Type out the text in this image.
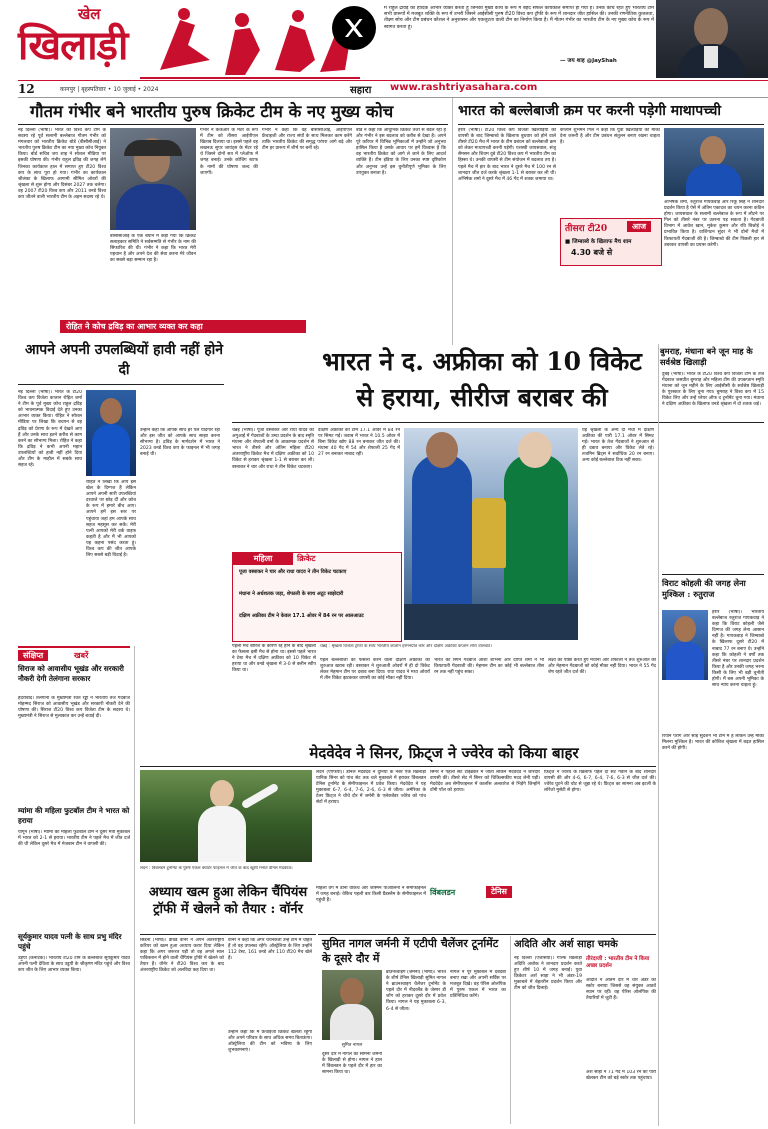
खेल
खिलाड़ी
मैं राहुल द्रविड़ का हार्दिक आभार व्यक्त करता हूं जिनका मुख्य कोच के रूप में बेहद सफल कार्यकाल समाप्त हो गया है। उनके कोच रहते हुए भारतीय टीम सभी प्रारूपों में मजबूत शक्ति के रूप में उभरी जिसने आईसीसी पुरुष टी20 विश्व कप ट्रॉफी के रूप में शानदार जीत हासिल की। उनकी रणनीतिक कुशलता, तीक्ष्ण सोच और टीम प्रबंधन कौशल ने अनुशासन और एकजुटता वाली टीम का निर्माण किया है। मैं गौतम गंभीर का भारतीय टीम के नए मुख्य कोच के रूप में स्वागत करता हूं।
— जय शाह @JayShah
12	कानपुर | बृहस्पतिवार • 10 जुलाई • 2024	सहारा www.rashtriyasahara.com
गौतम गंभीर बने भारतीय पुरुष क्रिकेट टीम के नए मुख्य कोच
नई दिल्ली (भाषा)। भारत की विश्व कप टीम के सदस्य रहे पूर्व सलामी बल्लेबाज गौतम गंभीर को मंगलवार को भारतीय क्रिकेट बोर्ड (बीसीसीआई) ने भारतीय पुरुष क्रिकेट टीम का नया मुख्य कोच नियुक्त किया। बोर्ड सचिव जय शाह ने सोशल मीडिया पर इसकी घोषणा की। गंभीर राहुल द्रविड़ की जगह लेंगे जिनका कार्यकाल हाल में समाप्त हुए टी20 विश्व कप के साथ पूरा हो गया। गंभीर का कार्यकाल श्रीलंका के खिलाफ आगामी सीमित ओवरों की श्रृंखला से शुरू होगा और दिसंबर 2027 तक चलेगा। वह 2007 टी20 विश्व कप और 2011 वनडे विश्व कप जीतने वाली भारतीय टीम के अहम सदस्य रहे थे।
बीसीसीआई के एक बयान में कहा गया कि क्रिकेट सलाहकार समिति ने सर्वसम्मति से गंभीर के नाम की सिफारिश की थी। गंभीर ने कहा कि भारत मेरी पहचान है और अपने देश की सेवा करना मेरे जीवन का सबसे बड़ा सम्मान रहा है।
गंभीर ने केकेआर के मेंटर के रूप में टीम को तीसरा आईपीएल खिताब दिलाया था। इससे पहले वह लखनऊ सुपर जायंट्स के मेंटर रहे थे जिसने दोनों सत्र में प्लेऑफ में जगह बनाई। उनके कोचिंग स्टाफ के नामों की घोषणा जल्द की जाएगी।
गंभीर ने कहा कि वह बीसीसीआई, आईपीएल फ्रेंचाइजी और राज्य संघों के साथ मिलकर काम करेंगे ताकि भारतीय क्रिकेट की समृद्ध परंपरा आगे बढ़े और टीम हर प्रारूप में शीर्ष पर बनी रहे।
बोर्ड ने कहा कि आधुनिक क्रिकेट तेजी से बदल रहा है और गंभीर ने इस बदलाव को करीब से देखा है। अपने पूरे करियर में विभिन्न भूमिकाओं में उन्होंने जो अनुभव हासिल किया है उसके आधार पर हमें विश्वास है कि वह भारतीय क्रिकेट को आगे ले जाने के लिए आदर्श व्यक्ति हैं। टीम इंडिया के लिए उनका स्पष्ट दृष्टिकोण और अनुभव उन्हें इस चुनौतीपूर्ण भूमिका के लिए उपयुक्त बनाता है।
भारत को बल्लेबाजी क्रम पर करनी पड़ेगी माथापच्ची
हरारे (भाषा)। टी20 विश्व कप विजेता खिलाड़ियों की वापसी के बाद जिम्बाब्वे के खिलाफ बुधवार को होने वाले तीसरे टी20 मैच में भारत के टीम प्रबंधन को बल्लेबाजी क्रम को लेकर माथापच्ची करनी पड़ेगी। यशस्वी जायसवाल, संजू सैमसन और शिवम दुबे टी20 विश्व कप में भारतीय टीम का हिस्सा थे। उनकी वापसी से टीम संयोजन में बदलाव तय है। पहले मैच में हार के बाद भारत ने दूसरे मैच में 100 रन से शानदार जीत दर्ज करके श्रृंखला 1-1 से बराबर कर ली थी। अभिषेक शर्मा ने दूसरे मैच में 46 गेंद में शतक जमाया था।
कप्तान शुभमन गिल ने कहा कि युवा खिलाड़ियों को मौका देना जरूरी है और टीम प्रबंधन संतुलन बनाए रखना चाहता है।
तीसरा टी20	आज
■ जिम्बाब्वे के खिलाफ मैच शाम
4.30 बजे से
अभिषेक शर्मा, रुतुराज गायकवाड़ और रिंकू सिंह ने शानदार प्रदर्शन किया है ऐसे में अंतिम एकादश का चयन करना कठिन होगा। जायसवाल के सलामी बल्लेबाज के रूप में लौटने पर गिल को तीसरे नंबर पर उतरना पड़ सकता है। गेंदबाजी विभाग में आवेश खान, मुकेश कुमार और रवि बिश्नोई ने प्रभावित किया है। वाशिंगटन सुंदर ने भी दोनों मैचों में किफायती गेंदबाजी की है। जिम्बाब्वे की टीम पिछली हार से उबरकर वापसी का प्रयास करेगी।
रोहित ने कोच द्रविड़ का आभार व्यक्त कर कहा
आपने अपनी उपलब्धियों हावी नहीं होने दी	भारत ने द. अफ्रीका को 10 विकेट
से हराया, सीरीज बराबर की
बुमराह, मंधाना बने जून माह के सर्वश्रेष्ठ खिलाड़ी
नई दिल्ली (भाषा)। भारत के टी20 विश्व कप विजेता कप्तान रोहित शर्मा ने टीम के पूर्व मुख्य कोच राहुल द्रविड़ को भावनात्मक विदाई देते हुए उनका आभार व्यक्त किया। रोहित ने सोशल मीडिया पर लिखा कि बचपन से वह द्रविड़ को प्रेरणा के रूप में देखते आए हैं और उनके साथ इतने करीब से काम करने का सौभाग्य मिला। रोहित ने कहा कि द्रविड़ ने कभी अपनी महान उपलब्धियों को हावी नहीं होने दिया और टीम के माहौल में सबके साथ सहज रहे।
रोहित ने लिखा कि आप इस खेल के दिग्गज हैं लेकिन आपने अपनी सारी उपलब्धियां दरवाजे पर छोड़ दीं और कोच के रूप में हमारे बीच आए। आपने हमें इस स्तर पर पहुंचाया जहां हम आपके साथ सहज महसूस कर सकें। मेरी पत्नी आपको मेरी वर्क वाइफ कहती है और मैं भी आपको यह कहना पसंद करता हूं। विश्व कप की जीत आपके लिए सबसे बड़ी विदाई है।
उन्होंने कहा कि आपके साथ हर पल यादगार रहा और इस जीत को आपके साथ साझा करना सौभाग्य है। द्रविड़ के मार्गदर्शन में भारत ने 2023 वनडे विश्व कप के फाइनल में भी जगह बनाई थी।
चेन्नई (भाषा)। पूजा वस्त्राकर और राधा यादव की अगुआई में गेंदबाजों के उम्दा प्रदर्शन के बाद स्मृति मंधाना और शेफाली वर्मा के आक्रामक प्रदर्शन से भारत ने तीसरे और अंतिम महिला टी20 अंतरराष्ट्रीय क्रिकेट मैच में दक्षिण अफ्रीका को 10 विकेट से हराकर श्रृंखला 1-1 से बराबर कर ली। वस्त्राकर ने चार और राधा ने तीन विकेट चटकाए।
दक्षिण अफ्रीका की टीम 17.1 ओवर में 84 रन पर सिमट गई। जवाब में भारत ने 10.5 ओवर में बिना विकेट खोए 88 रन बनाकर जीत दर्ज की। मंधाना 40 गेंद में 54 और शेफाली 25 गेंद में 27 रन बनाकर नाबाद रहीं।
महिला	क्रिकेट
पूजा वस्त्राकर ने चार और राधा यादव ने तीन विकेट चटकाए
मंधाना ने अर्धशतक जड़ा, शेफाली के साथ अटूट साझेदारी
दक्षिण अफ्रीका टीम ने केवल 17.1 ओवर में 84 रन पर आलआउट
यह श्रृंखला के अन्य दो मैचों में दक्षिण अफ्रीका की पारी 17.1 ओवर में सिमट गई। भारत के तेज गेंदबाजों ने शुरुआत से ही दबाव बनाया और विकेट लेते रहे। तजमिन ब्रिट्स ने सर्वाधिक 20 रन बनाए। अन्य कोई बल्लेबाज टिक नहीं सका।
चेन्नई : श्रृंखला विजेता ट्रॉफी के साथ भारतीय कप्तान हरमनप्रीत कौर और दक्षिण अफ्रीकी कप्तान लौरा वोलवार्ट।
पहले बल्लेबाजी का फैसला करने वाली दक्षिण अफ्रीका की शुरुआत खराब रही। वस्त्राकर ने शुरुआती ओवरों में ही दो विकेट लेकर मेहमान टीम पर दबाव बना दिया। राधा यादव ने मध्य ओवरों में तीन विकेट झटककर वापसी का कोई मौका नहीं दिया।
भारत की स्पिन गेंदबाज आशा शोभना और दीप्ति शर्मा ने भी किफायती गेंदबाजी की। मेहमान टीम का कोई भी बल्लेबाज तीस रन तक नहीं पहुंच सका।
लक्ष्य का पीछा करते हुए मंधाना और शेफाली ने तेज शुरुआत की और मेहमान गेंदबाजों को कोई मौका नहीं दिया। भारत ने 55 गेंद शेष रहते जीत दर्ज की।
पहला मैच बारिश के कारण रद्द होने के बाद श्रृंखला का फैसला इसी मैच से होना था। इससे पहले भारत ने टेस्ट मैच में दक्षिण अफ्रीका को 10 विकेट से हराया था और वनडे श्रृंखला में 3-0 से क्लीन स्वीप किया था।
दुबई (भाषा)। भारत के टी20 विश्व कप विजेता टीम के तेज गेंदबाज जसप्रीत बुमराह और महिला टीम की उपकप्तान स्मृति मंधाना को जून महीने के लिए आईसीसी के सर्वश्रेष्ठ खिलाड़ी के पुरस्कार के लिए चुना गया। बुमराह ने विश्व कप में 15 विकेट लिए और उन्हें प्लेयर ऑफ द टूर्नामेंट चुना गया। मंधाना ने दक्षिण अफ्रीका के खिलाफ वनडे श्रृंखला में दो शतक जड़े।
विराट कोहली की जगह लेना मुश्किल : रुतुराज
हरारे (भाषा)। भारतीय बल्लेबाज रुतुराज गायकवाड़ ने कहा कि विराट कोहली जैसे दिग्गज की जगह लेना आसान नहीं है। गायकवाड़ ने जिम्बाब्वे के खिलाफ दूसरे टी20 में नाबाद 77 रन बनाए थे। उन्होंने कहा कि कोहली ने वर्षों तक तीसरे नंबर पर शानदार प्रदर्शन किया है और उनकी जगह भरना किसी के लिए भी बड़ी चुनौती होगी। मैं बस अपनी भूमिका के साथ न्याय करना चाहता हूं।
रियान पराग और साई सुदर्शन भी टीम में हैं लेकिन उन्हें मौका मिलना मुश्किल है। भारत की कोशिश श्रृंखला में बढ़त हासिल करने की होगी।
संक्षिप्त	खबरें
सिराज को आवासीय भूखंड और सरकारी नौकरी देगी तेलंगाना सरकार
हैदराबाद। तेलंगाना के मुख्यमंत्री रेवंत रेड्डी ने भारतीय तेज गेंदबाज मोहम्मद सिराज को आवासीय भूखंड और सरकारी नौकरी देने की घोषणा की। सिराज टी20 विश्व कप विजेता टीम के सदस्य थे। मुख्यमंत्री ने सिराज से मुलाकात कर उन्हें बधाई दी।
म्यांमा की महिला फुटबॉल टीम ने भारत को हराया
यांगून (भाषा)। म्यांमा की महिला फुटबॉल टीम ने दूसरे मैत्री मुकाबले में भारत को 2-1 से हराया। भारतीय टीम ने पहले मैच में जीत दर्ज की थी लेकिन दूसरे मैच में मेजबान टीम ने वापसी की।
सूर्यकुमार यादव पत्नी के साथ प्रभु मंदिर पहुंचे
उड़ुपी (कर्नाटक)। भारतीय टी20 टीम के बल्लेबाज सूर्यकुमार यादव अपनी पत्नी देविशा के साथ उडुपी के श्रीकृष्ण मंदिर पहुंचे और विश्व कप जीत के लिए आभार व्यक्त किया।
मेदवेदेव ने सिनर, फ्रिट्ज ने ज्वेरेव को किया बाहर
लंदन : विंबलडन टूर्नामेंट के पुरुष एकल क्वार्टर फाइनल में जीत के बाद खुशी मनाते डेनिल मेदवेदेव।
लंदन (एएफपी)। डेनिल मेदवेदेव ने दुनिया के नंबर एक खिलाड़ी यानिक सिनर को पांच सेट तक चले मुकाबले में हराकर विंबलडन टेनिस टूर्नामेंट के सेमीफाइनल में प्रवेश किया। मेदवेदेव ने यह मुकाबला 6-7, 6-4, 7-6, 2-6, 6-3 से जीता। अमेरिका के टेलर फ्रिट्ज ने चौथे दौर में जर्मनी के एलेक्जेंडर ज्वेरेव को पांच सेटों में हराया।
सिनर ने पहला सेट टाईब्रेकर में जीता लेकिन मेदवेदेव ने जोरदार वापसी की। तीसरे सेट में सिनर को चिकित्सकीय मदद लेनी पड़ी। मेदवेदेव अब सेमीफाइनल में कार्लोस अल्कारेज से भिड़ेंगे जिन्होंने टॉमी पॉल को हराया।
फ्रिट्ज ने ज्वेरेव के खिलाफ पहले दो सेट गंवाने के बाद शानदार वापसी की और 4-6, 6-7, 6-4, 7-6, 6-3 से जीत दर्ज की। ज्वेरेव घुटने की चोट से जूझ रहे थे। फ्रिट्ज का सामना अब इटली के लोरेंजो मुसेटी से होगा।
विंबलडन	टेनिस
महिला वर्ग में डोना वेकिच और जैस्मिन पाओलिनी ने सेमीफाइनल में जगह बनाई। वेकिच पहली बार किसी ग्रैंडस्लैम के सेमीफाइनल में पहुंची हैं।
अध्याय खत्म हुआ लेकिन चैंपियंस ट्रॉफी में खेलने को तैयार : वॉर्नर
सिडनी (भाषा)। डेविड वॉर्नर ने अपने अंतरराष्ट्रीय करियर को खत्म हुआ अध्याय करार दिया लेकिन कहा कि अगर जरूरत पड़ी तो वह अगले साल पाकिस्तान में होने वाली चैंपियंस ट्रॉफी में खेलने को तैयार हैं। वॉर्नर ने टी20 विश्व कप के बाद अंतरराष्ट्रीय क्रिकेट को अलविदा कह दिया था।
वॉर्नर ने कहा कि अगर चयनकर्ता उन्हें टीम में चाहते हैं तो वह उपलब्ध रहेंगे। ऑस्ट्रेलिया के लिए उन्होंने 112 टेस्ट, 161 वनडे और 110 टी20 मैच खेले हैं।
उन्होंने कहा कि मैं फ्रेंचाइजी क्रिकेट खेलता रहूंगा और अपने परिवार के साथ अधिक समय बिताऊंगा। ऑस्ट्रेलिया की टीम को भविष्य के लिए शुभकामनाएं।
सुमित नागल जर्मनी में एटीपी चैलेंजर टूर्नामेंट के दूसरे दौर में
सुमित नागल
ब्राउनश्वाइग (जर्मनी) (भाषा)। भारत के शीर्ष टेनिस खिलाड़ी सुमित नागल ने ब्राउनश्वाइग चैलेंजर टूर्नामेंट के पहले दौर में नीदरलैंड के जेस्पर डी जोंग को हराकर दूसरे दौर में प्रवेश किया। नागल ने यह मुकाबला 6-3, 6-4 से जीता।
नागल ने पूरे मुकाबले में दबदबा बनाए रखा और अपनी सर्विस पर मजबूत दिखे। वह पेरिस ओलंपिक में पुरुष एकल में भारत का प्रतिनिधित्व करेंगे।
दूसरे दौर में नागल का सामना जर्मनी के खिलाड़ी से होगा। नागल ने हाल में विंबलडन के पहले दौर में हार का सामना किया था।
अदिति और अर्श साहा चमके
नई दिल्ली (एजेंसियां)। गोल्फ खिलाड़ी अदिति अशोक ने शानदार प्रदर्शन करते हुए शीर्ष 10 में जगह बनाई। युवा क्रिकेटर अर्श साहा ने भी अंडर-19 मुकाबले में बेहतरीन प्रदर्शन किया और टीम को जीत दिलाई।
तीरंदाजी : भारतीय टीम ने किया अच्छा प्रदर्शन
अदिति ने अंतिम दौर में चार अंडर का स्कोर बनाया जिससे वह संयुक्त आठवें स्थान पर रहीं। वह पेरिस ओलंपिक की तैयारियों में जुटी हैं।
अर्श साहा ने 71 गेंद में 103 रन की पारी खेलकर टीम को बड़े स्कोर तक पहुंचाया।
